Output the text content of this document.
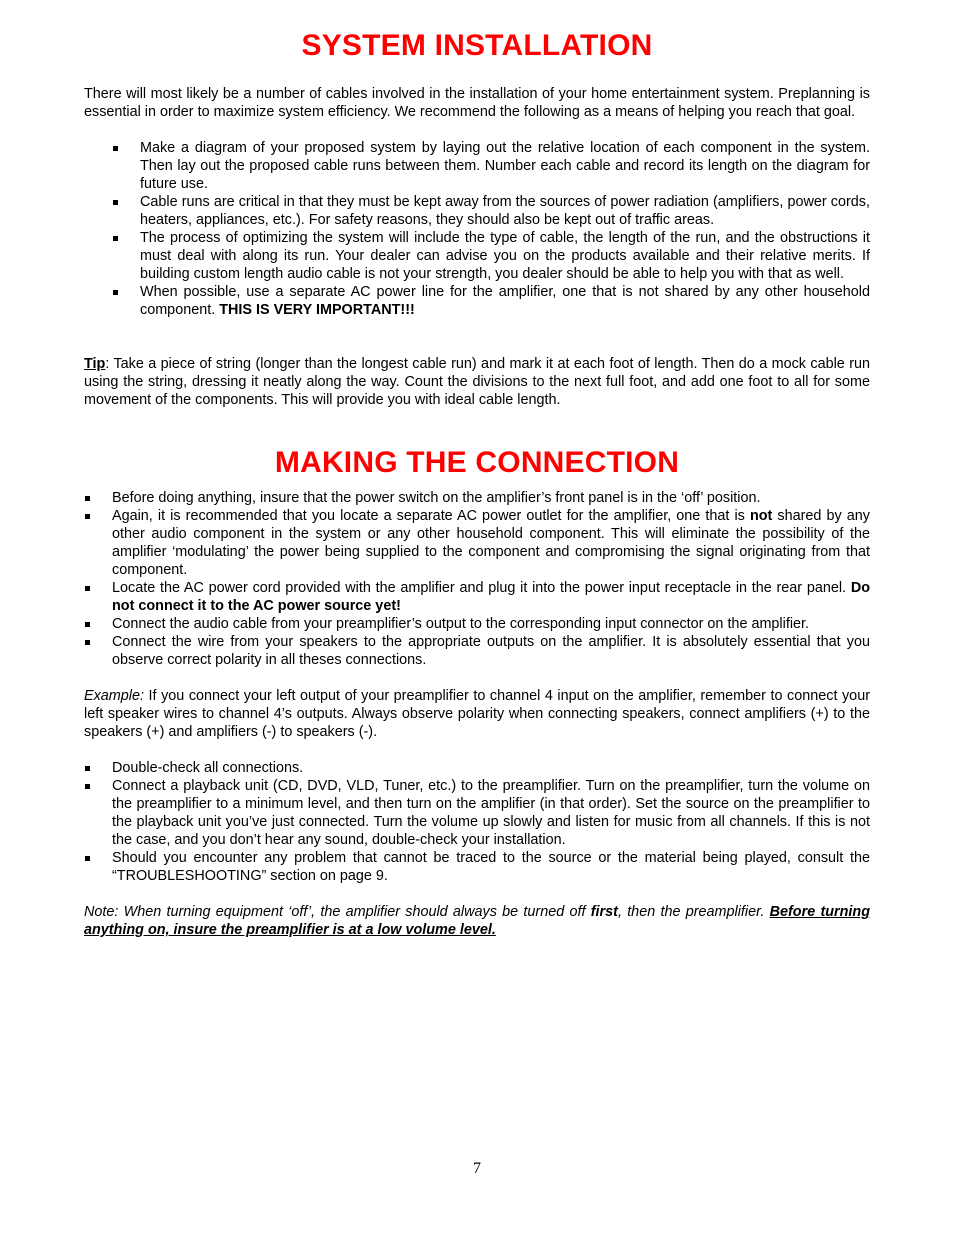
SYSTEM INSTALLATION

There will most likely be a number of cables involved in the installation of your home entertainment system. Preplanning is essential in order to maximize system efficiency. We recommend the following as a means of helping you reach that goal.

Make a diagram of your proposed system by laying out the relative location of each component in the system. Then lay out the proposed cable runs between them. Number each cable and record its length on the diagram for future use.
Cable runs are critical in that they must be kept away from the sources of power radiation (amplifiers, power cords, heaters, appliances, etc.). For safety reasons, they should also be kept out of traffic areas.
The process of optimizing the system will include the type of cable, the length of the run, and the obstructions it must deal with along its run. Your dealer can advise you on the products available and their relative merits. If building custom length audio cable is not your strength, you dealer should be able to help you with that as well.
When possible, use a separate AC power line for the amplifier, one that is not shared by any other household component. THIS IS VERY IMPORTANT!!!

Tip: Take a piece of string (longer than the longest cable run) and mark it at each foot of length. Then do a mock cable run using the string, dressing it neatly along the way. Count the divisions to the next full foot, and add one foot to all for some movement of the components. This will provide you with ideal cable length.

MAKING THE CONNECTION
Before doing anything, insure that the power switch on the amplifier’s front panel is in the ‘off’ position.
Again, it is recommended that you locate a separate AC power outlet for the amplifier, one that is not shared by any other audio component in the system or any other household component. This will eliminate the possibility of the amplifier ‘modulating’ the power being supplied to the component and compromising the signal originating from that component.
Locate the AC power cord provided with the amplifier and plug it into the power input receptacle in the rear panel. Do not connect it to the AC power source yet!
Connect the audio cable from your preamplifier’s output to the corresponding input connector on the amplifier.
Connect the wire from your speakers to the appropriate outputs on the amplifier. It is absolutely essential that you observe correct polarity in all theses connections.

Example: If you connect your left output of your preamplifier to channel 4 input on the amplifier, remember to connect your left speaker wires to channel 4’s outputs. Always observe polarity when connecting speakers, connect amplifiers (+) to the speakers (+) and amplifiers (-) to speakers (-).

Double-check all connections.
Connect a playback unit (CD, DVD, VLD, Tuner, etc.) to the preamplifier. Turn on the preamplifier, turn the volume on the preamplifier to a minimum level, and then turn on the amplifier (in that order). Set the source on the preamplifier to the playback unit you’ve just connected. Turn the volume up slowly and listen for music from all channels. If this is not the case, and you don’t hear any sound, double-check your installation.
Should you encounter any problem that cannot be traced to the source or the material being played, consult the “TROUBLESHOOTING” section on page 9.

Note: When turning equipment ‘off’, the amplifier should always be turned off first, then the preamplifier. Before turning anything on, insure the preamplifier is at a low volume level.

7
